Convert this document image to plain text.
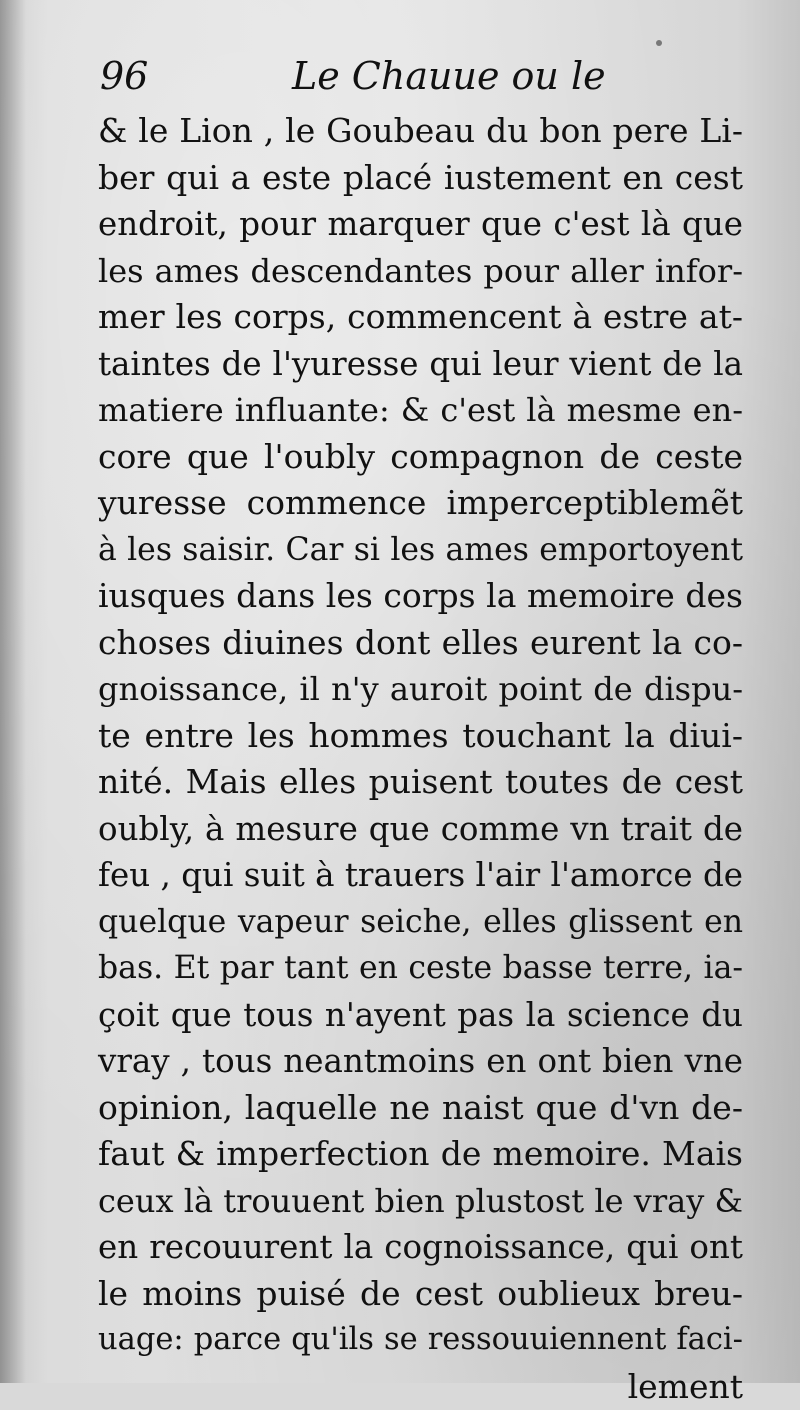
96	Le Chauue ou le
& le Lion , le Goubeau du bon pere Li-
ber qui a este placé iustement en cest
endroit, pour marquer que c'est là que
les ames descendantes pour aller infor-
mer les corps, commencent à estre at-
taintes de l'yuresse qui leur vient de la
matiere influante: & c'est là mesme en-
core que l'oubly compagnon de ceste
yuresse commence imperceptiblemẽt
à les saisir. Car si les ames emportoyent
iusques dans les corps la memoire des
choses diuines dont elles eurent la co-
gnoissance, il n'y auroit point de dispu-
te entre les hommes touchant la diui-
nité. Mais elles puisent toutes de cest
oubly, à mesure que comme vn trait de
feu , qui suit à trauers l'air l'amorce de
quelque vapeur seiche, elles glissent en
bas. Et par tant en ceste basse terre, ia-
çoit que tous n'ayent pas la science du
vray , tous neantmoins en ont bien vne
opinion, laquelle ne naist que d'vn de-
faut & imperfection de memoire. Mais
ceux là trouuent bien plustost le vray &
en recouurent la cognoissance, qui ont
le moins puisé de cest oublieux breu-
uage: parce qu'ils se ressouuiennent faci-
lement
